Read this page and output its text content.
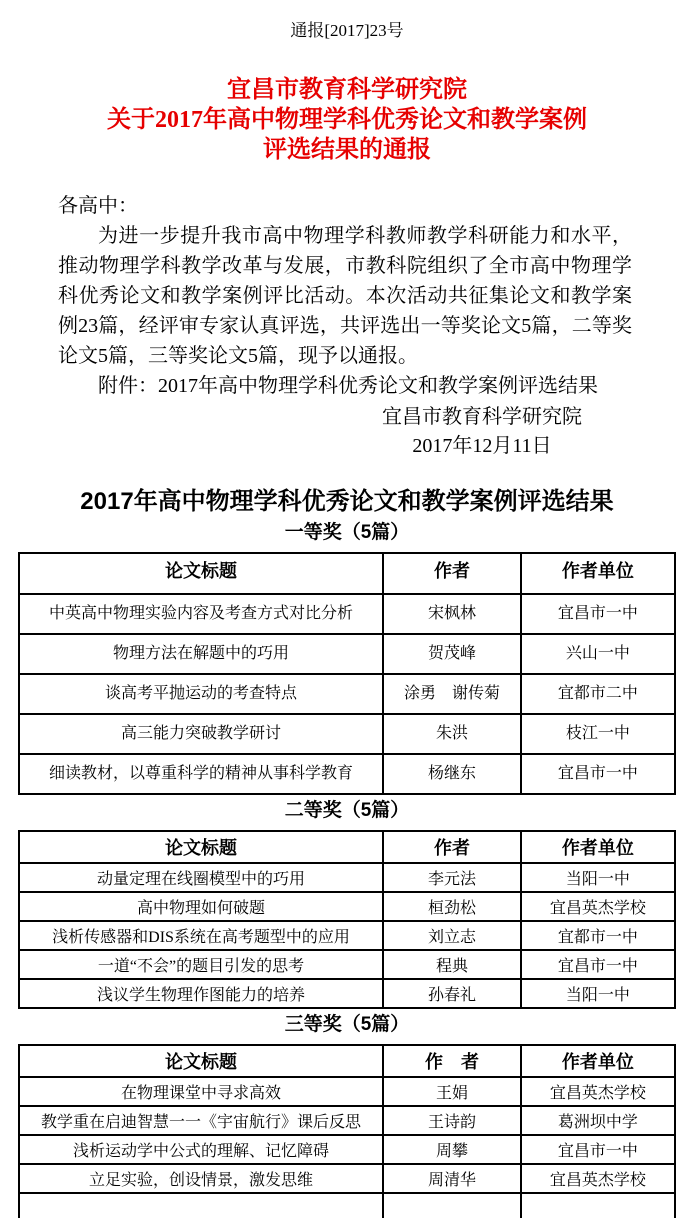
通报[2017]23号
宜昌市教育科学研究院
关于2017年高中物理学科优秀论文和教学案例
评选结果的通报
各高中：
为进一步提升我市高中物理学科教师教学科研能力和水平，推动物理学科教学改革与发展，市教科院组织了全市高中物理学科优秀论文和教学案例评比活动。本次活动共征集论文和教学案例23篇，经评审专家认真评选，共评选出一等奖论文5篇，二等奖论文5篇，三等奖论文5篇，现予以通报。
附件：2017年高中物理学科优秀论文和教学案例评选结果
宜昌市教育科学研究院
2017年12月11日
2017年高中物理学科优秀论文和教学案例评选结果
一等奖（5篇）
论文标题	作者	作者单位
中英高中物理实验内容及考查方式对比分析	宋枫林	宜昌市一中
物理方法在解题中的巧用	贺茂峰	兴山一中
谈高考平抛运动的考查特点	涂勇　谢传菊	宜都市二中
高三能力突破教学研讨	朱洪	枝江一中
细读教材，以尊重科学的精神从事科学教育	杨继东	宜昌市一中
二等奖（5篇）
论文标题	作者	作者单位
动量定理在线圈模型中的巧用	李元法	当阳一中
高中物理如何破题	桓劲松	宜昌英杰学校
浅析传感器和DIS系统在高考题型中的应用	刘立志	宜都市一中
一道“不会”的题目引发的思考	程典	宜昌市一中
浅议学生物理作图能力的培养	孙春礼	当阳一中
三等奖（5篇）
论文标题	作　者	作者单位
在物理课堂中寻求高效	王娟	宜昌英杰学校
教学重在启迪智慧一一《宇宙航行》课后反思	王诗韵	葛洲坝中学
浅析运动学中公式的理解、记忆障碍	周攀	宜昌市一中
立足实验，创设情景，激发思维	周清华	宜昌英杰学校
